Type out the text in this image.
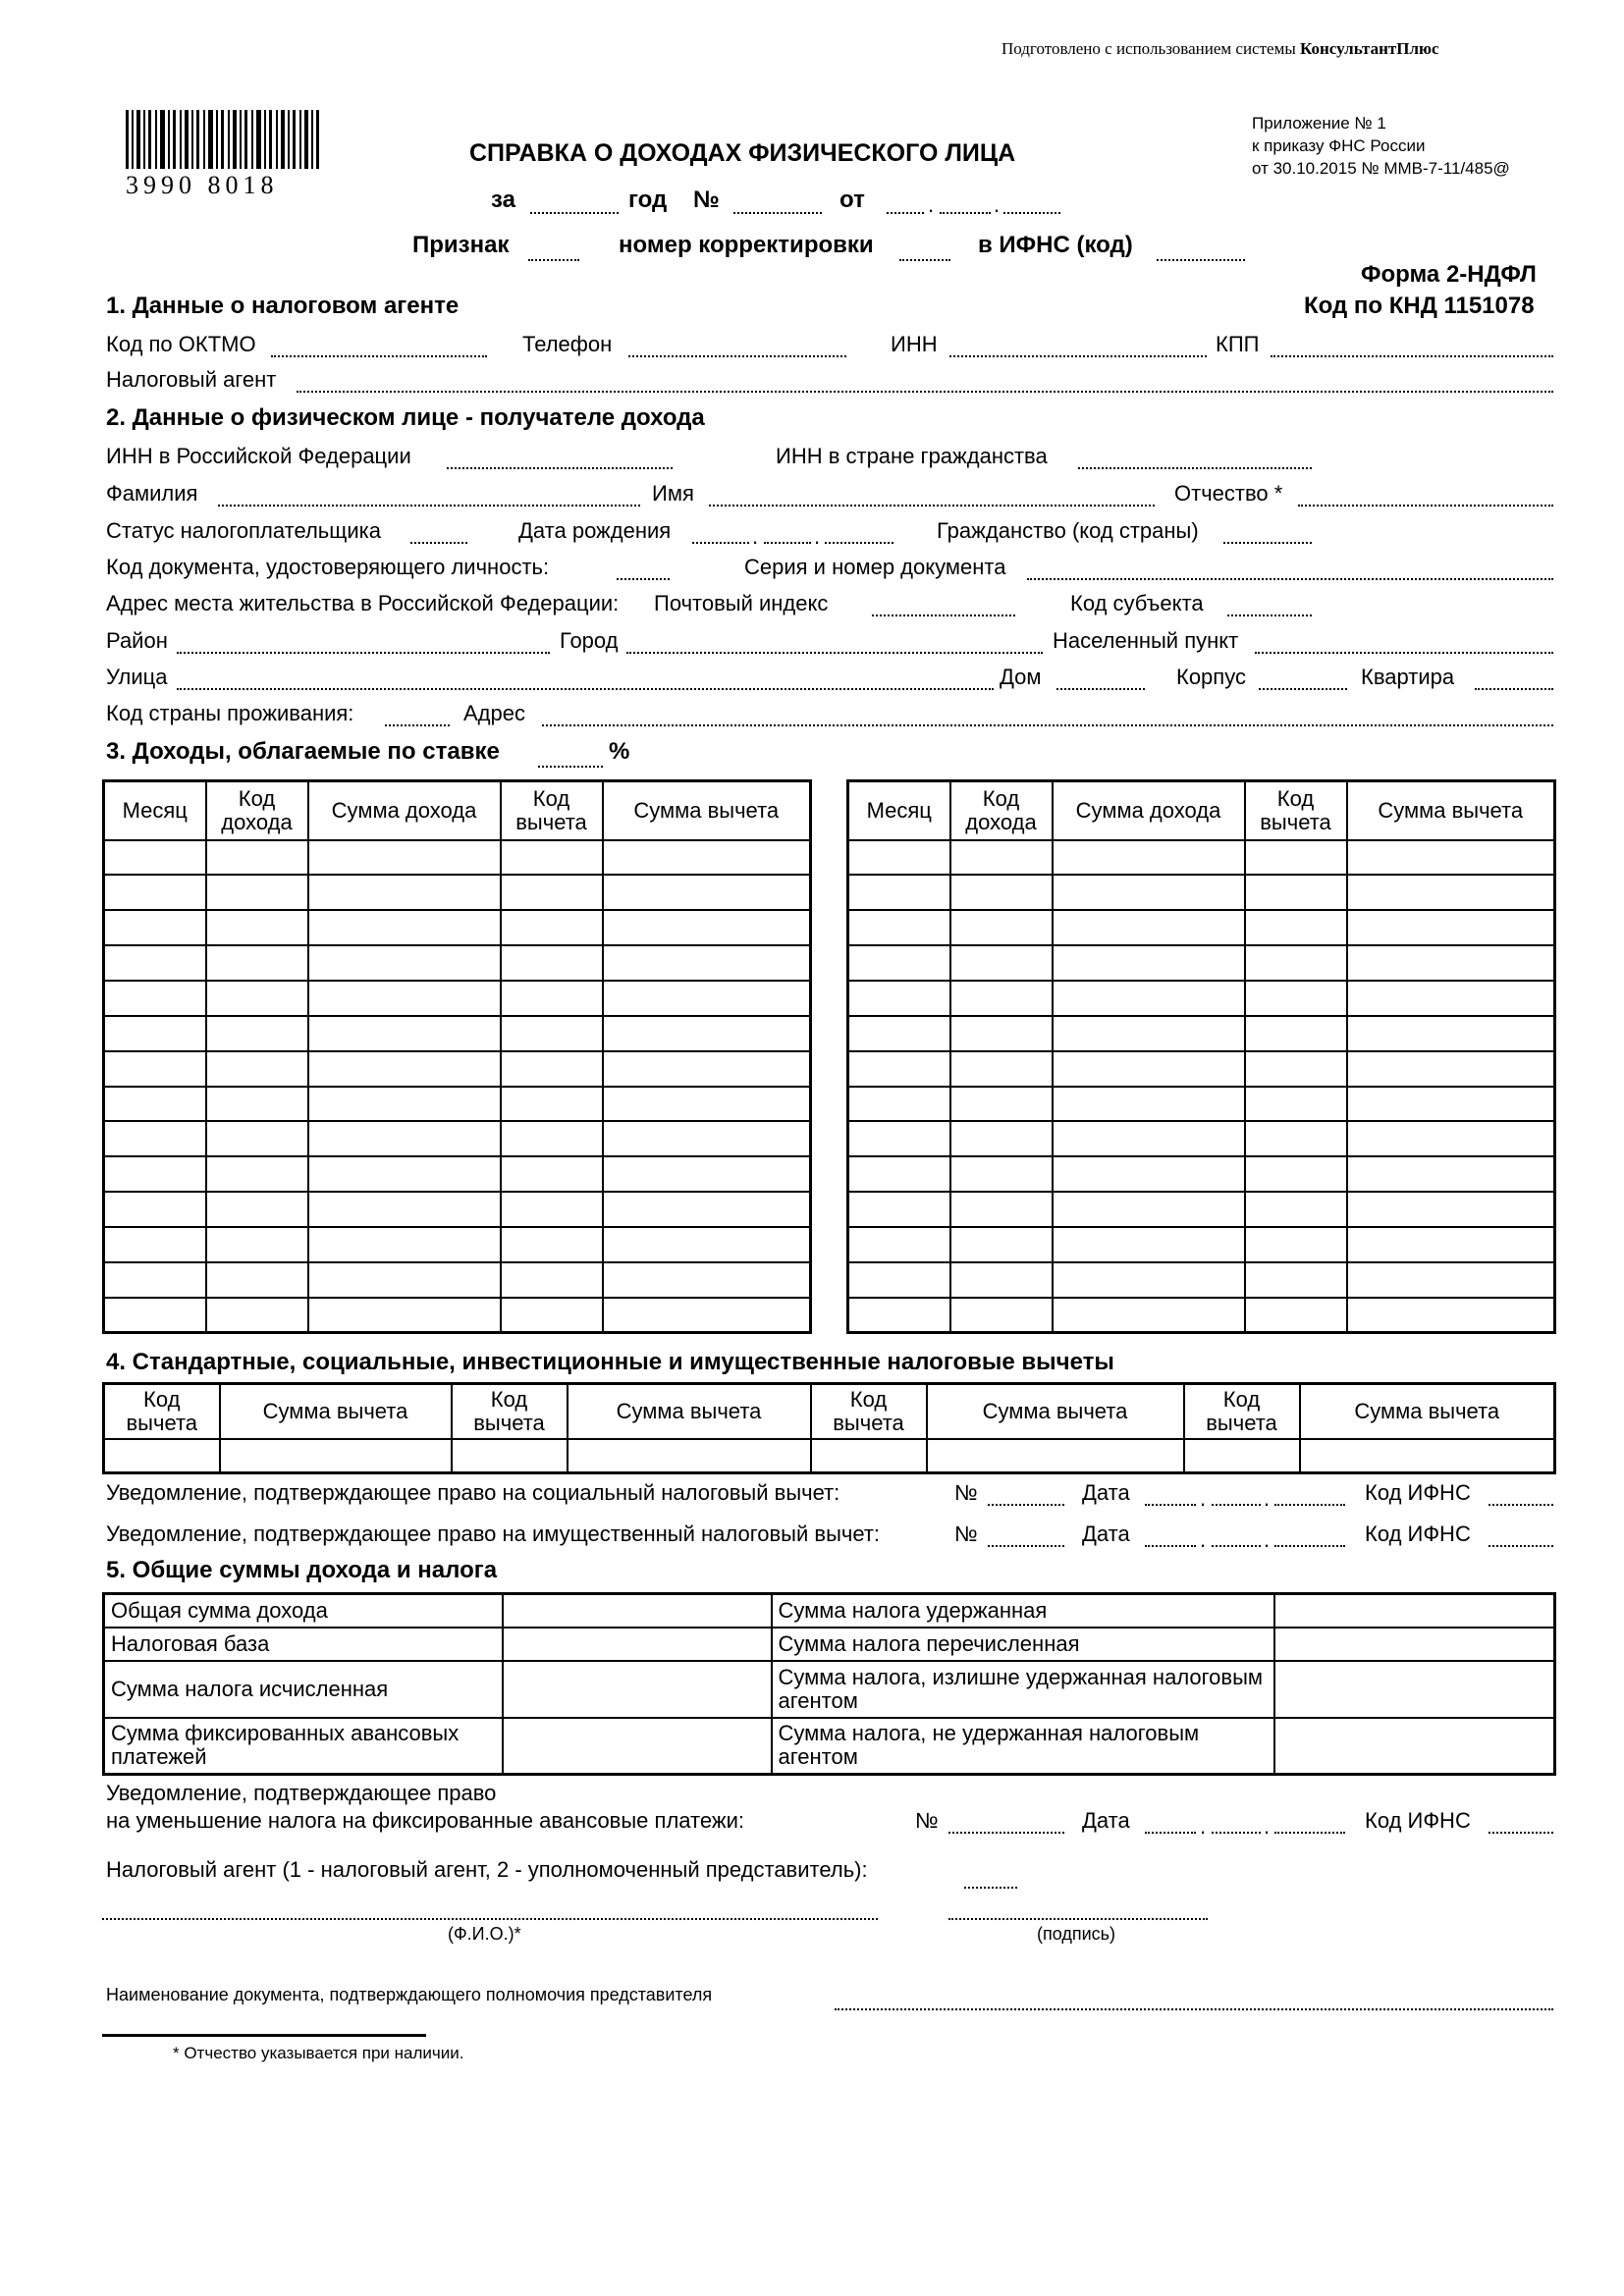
Подготовлено с использованием системы КонсультантПлюс
3990 8018
Приложение № 1
к приказу ФНС России
от 30.10.2015 № ММВ-7-11/485@
СПРАВКА О ДОХОДАХ ФИЗИЧЕСКОГО ЛИЦА
за	год №	от	.	.
Признак	номер корректировки	в ИФНС (код)
Форма 2-НДФЛ
Код по КНД 1151078
1. Данные о налоговом агенте
Код по ОКТМО	Телефон	ИНН	КПП
Налоговый агент
2. Данные о физическом лице - получателе дохода
ИНН в Российской Федерации	ИНН в стране гражданства
Фамилия	Имя	Отчество *
Статус налогоплательщика	Дата рождения	.	.	Гражданство (код страны)
Код документа, удостоверяющего личность:	Серия и номер документа
Адрес места жительства в Российской Федерации: Почтовый индекс	Код субъекта
Район	Город	Населенный пункт
Улица	Дом	Корпус	Квартира
Код страны проживания:	Адрес
3. Доходы, облагаемые по ставке	%
Месяц	Код дохода	Сумма дохода	Код вычета	Сумма вычета

					Месяц	Код дохода	Сумма дохода	Код вычета	Сумма вычета

4. Стандартные, социальные, инвестиционные и имущественные налоговые вычеты
Код вычета	Сумма вычета	Код вычета	Сумма вычета	Код вычета	Сумма вычета	Код вычета	Сумма вычета

Уведомление, подтверждающее право на социальный налоговый вычет:	№	Дата	.	.	Код ИФНС
Уведомление, подтверждающее право на имущественный налоговый вычет:	№	Дата	.	.	Код ИФНС
5. Общие суммы дохода и налога
Общая сумма дохода		Сумма налога удержанная	
Налоговая база		Сумма налога перечисленная	
Сумма налога исчисленная		Сумма налога, излишне удержанная налоговым агентом	
Сумма фиксированных авансовых платежей		Сумма налога, не удержанная налоговым агентом	
Уведомление, подтверждающее право
на уменьшение налога на фиксированные авансовые платежи:	№	Дата	.	.	Код ИФНС
Налоговый агент (1 - налоговый агент, 2 - уполномоченный представитель):
(Ф.И.О.)*	(подпись)
Наименование документа, подтверждающего полномочия представителя
* Отчество указывается при наличии.
